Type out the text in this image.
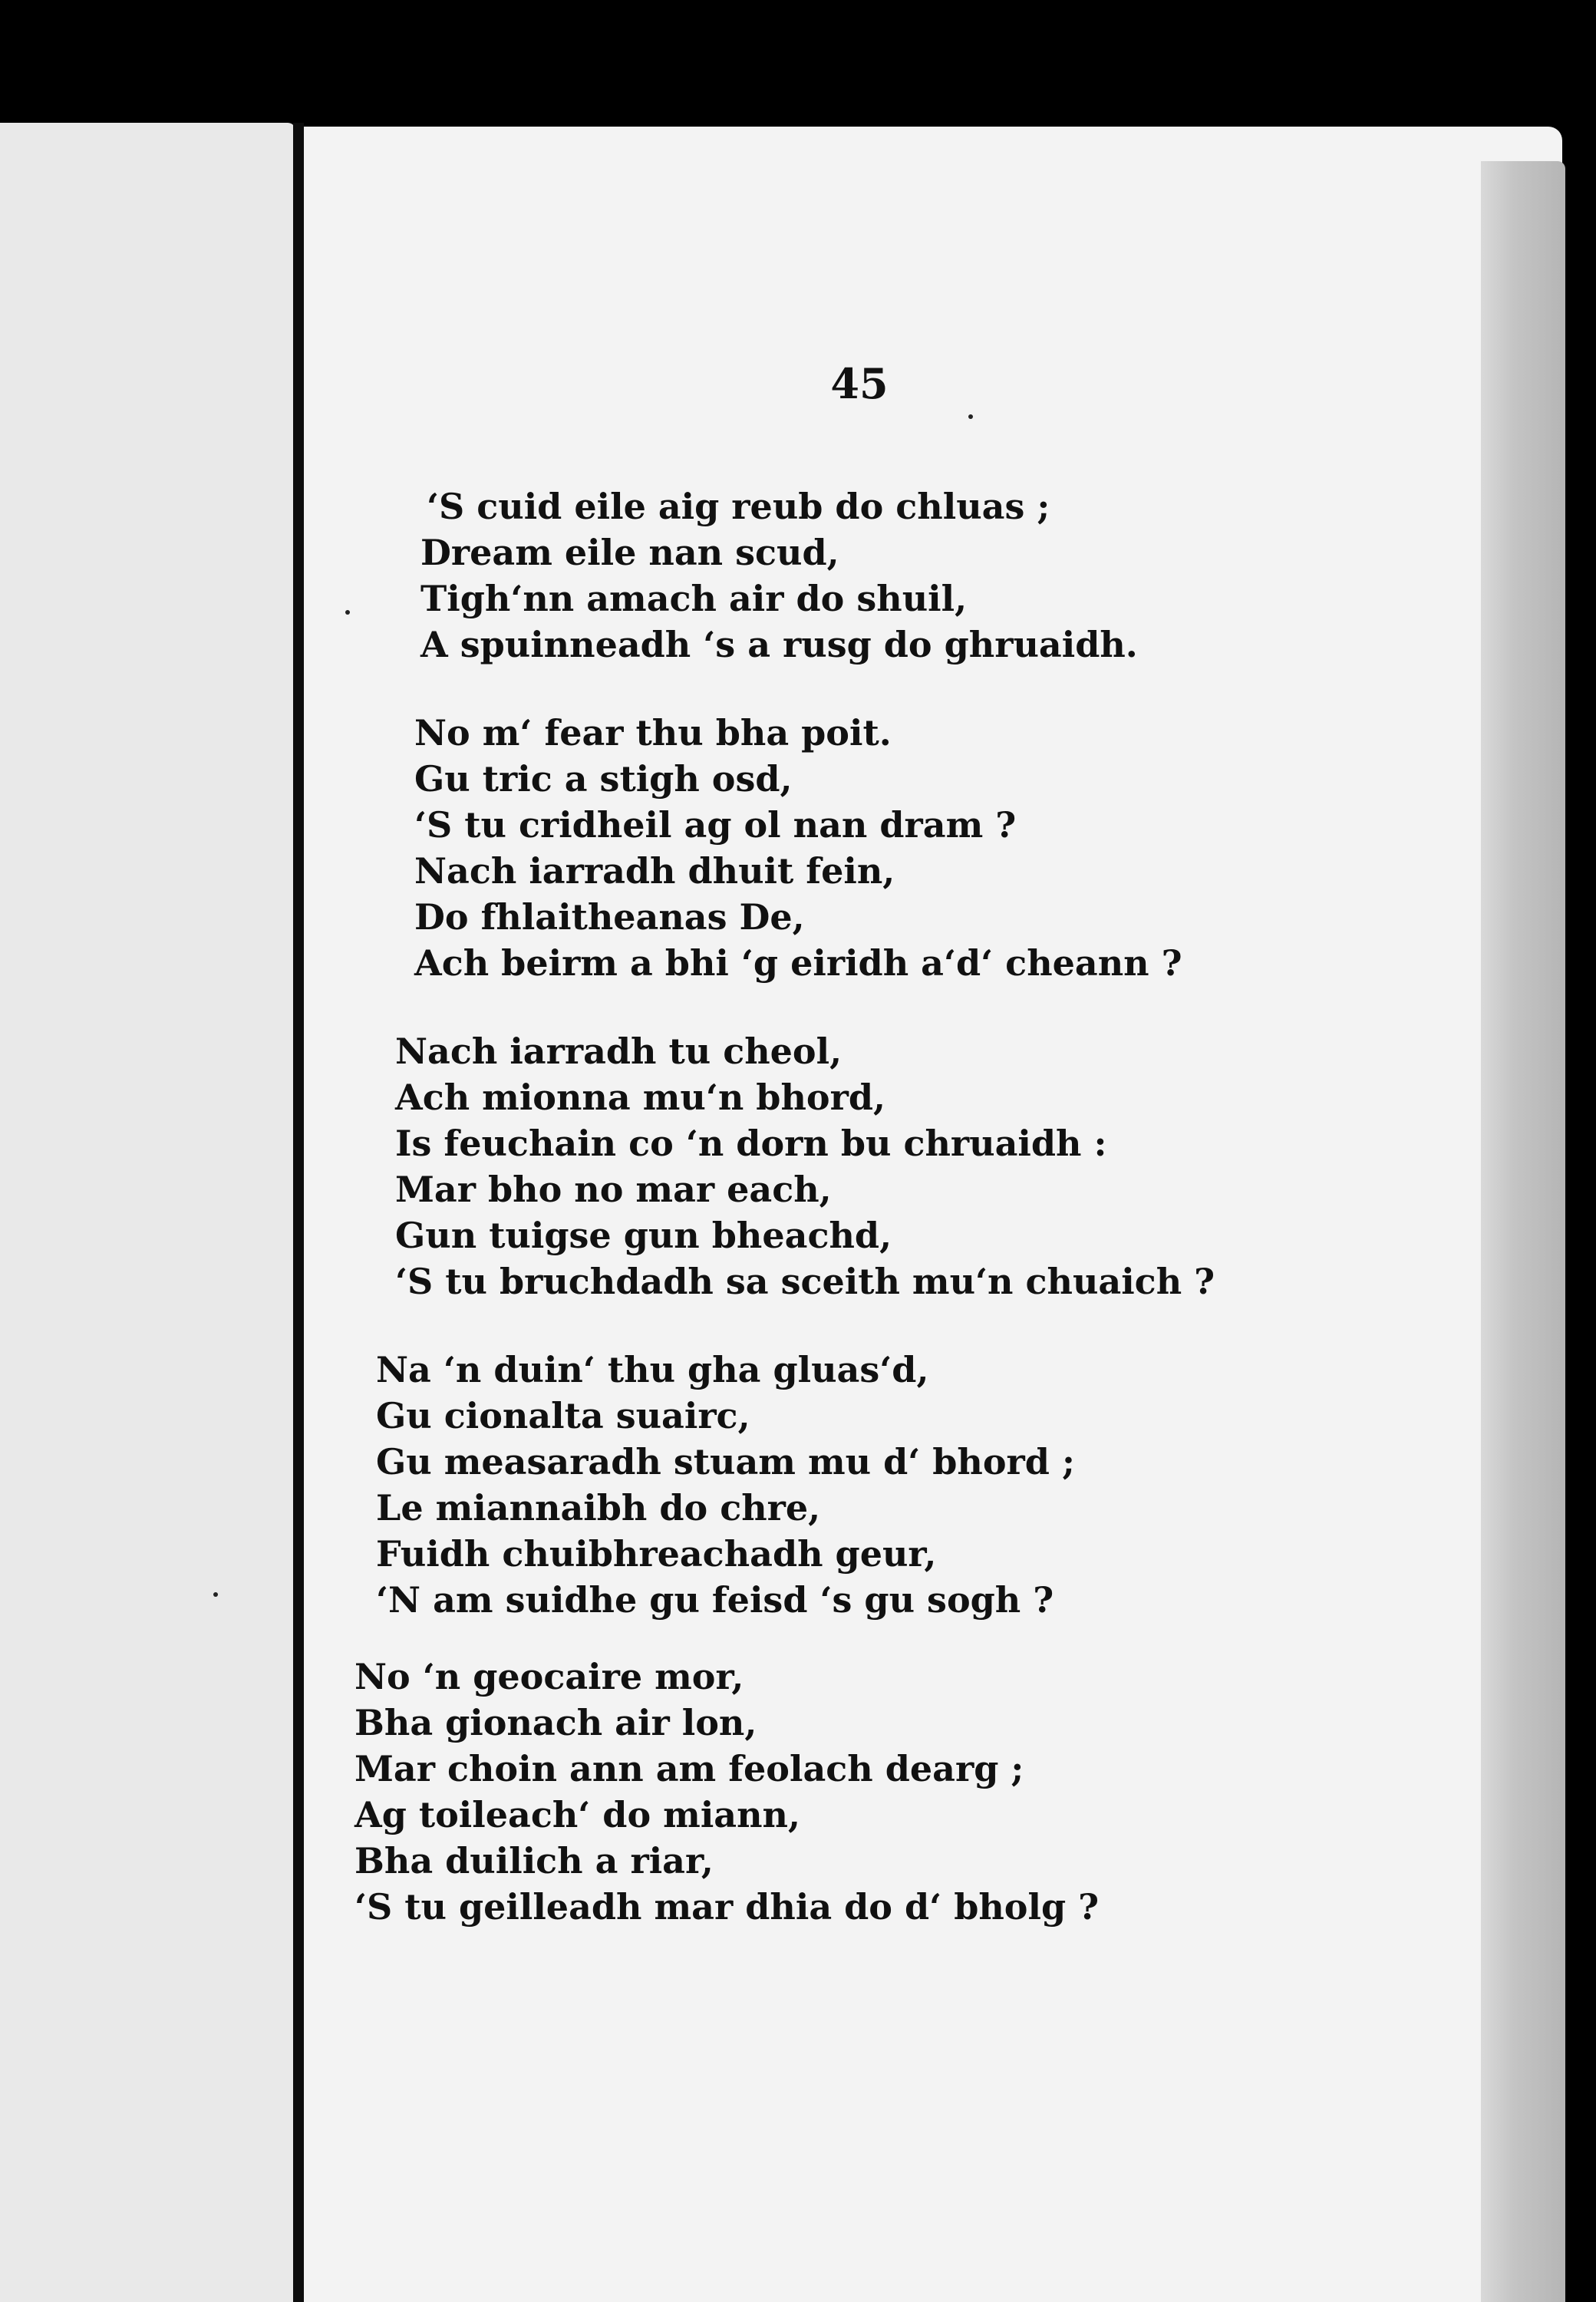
45
‘S cuid eile aig reub do chluas ;
Dream eile nan scud,
Tigh‘nn amach air do shuil,
A spuinneadh ‘s a rusg do ghruaidh.
No m‘ fear thu bha poit.
Gu tric a stigh osd,
‘S tu cridheil ag ol nan dram ?
Nach iarradh dhuit fein,
Do fhlaitheanas De,
Ach beirm a bhi ‘g eiridh a‘d‘ cheann ?
Nach iarradh tu cheol,
Ach mionna mu‘n bhord,
Is feuchain co ‘n dorn bu chruaidh :
Mar bho no mar each,
Gun tuigse gun bheachd,
‘S tu bruchdadh sa sceith mu‘n chuaich ?
Na ‘n duin‘ thu gha gluas‘d,
Gu cionalta suairc,
Gu measaradh stuam mu d‘ bhord ;
Le miannaibh do chre,
Fuidh chuibhreachadh geur,
‘N am suidhe gu feisd ‘s gu sogh ?
No ‘n geocaire mor,
Bha gionach air lon,
Mar choin ann am feolach dearg ;
Ag toileach‘ do miann,
Bha duilich a riar,
‘S tu geilleadh mar dhia do d‘ bholg ?
